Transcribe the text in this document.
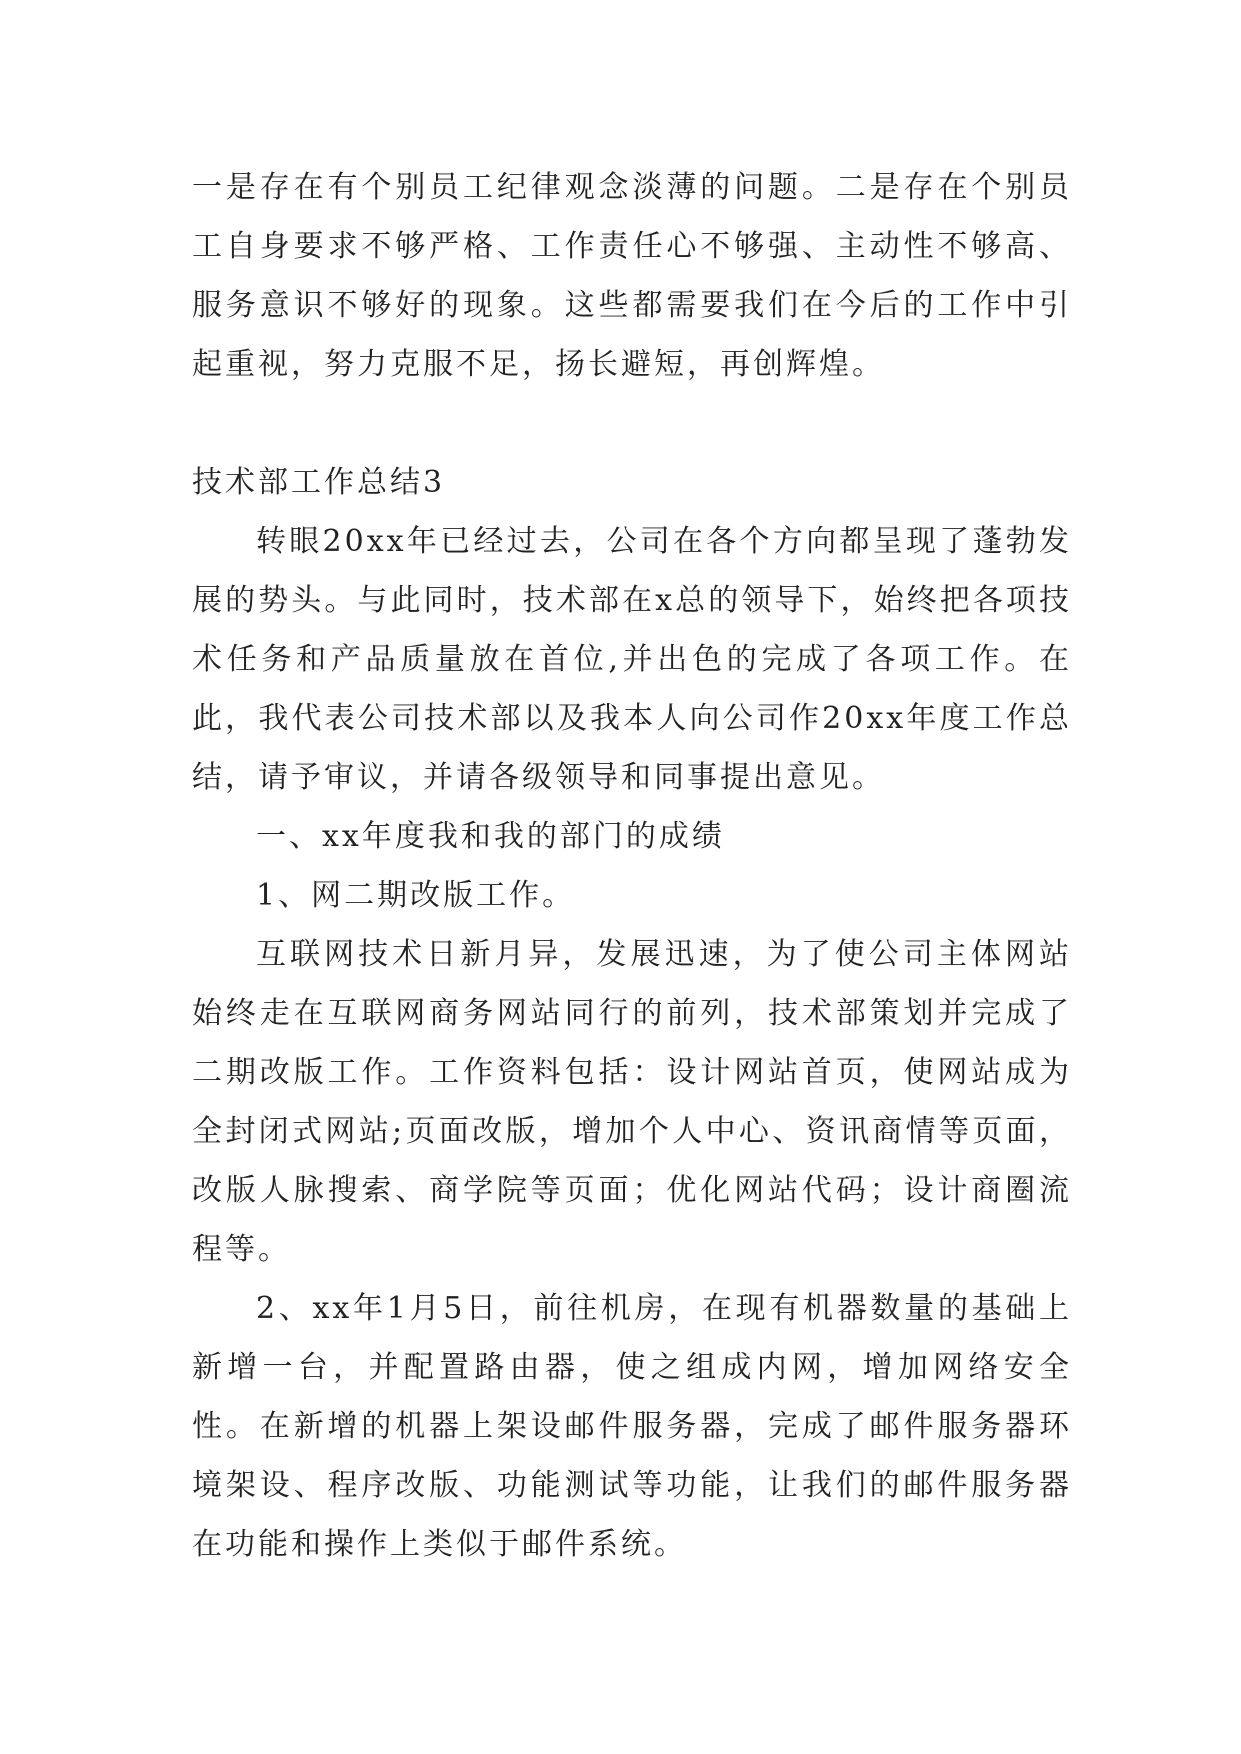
一是存在有个别员工纪律观念淡薄的问题。二是存在个别员工自身要求不够严格、工作责任心不够强、主动性不够高、服务意识不够好的现象。这些都需要我们在今后的工作中引起重视，努力克服不足，扬长避短，再创辉煌。

技术部工作总结3

转眼20xx年已经过去，公司在各个方向都呈现了蓬勃发展的势头。与此同时，技术部在x总的领导下，始终把各项技术任务和产品质量放在首位,并出色的完成了各项工作。在此，我代表公司技术部以及我本人向公司作20xx年度工作总结，请予审议，并请各级领导和同事提出意见。

一、xx年度我和我的部门的成绩

1、网二期改版工作。

互联网技术日新月异，发展迅速，为了使公司主体网站始终走在互联网商务网站同行的前列，技术部策划并完成了二期改版工作。工作资料包括：设计网站首页，使网站成为全封闭式网站;页面改版，增加个人中心、资讯商情等页面，改版人脉搜索、商学院等页面；优化网站代码；设计商圈流程等。

2、xx年1月5日，前往机房，在现有机器数量的基础上新增一台，并配置路由器，使之组成内网，增加网络安全性。在新增的机器上架设邮件服务器，完成了邮件服务器环境架设、程序改版、功能测试等功能，让我们的邮件服务器在功能和操作上类似于邮件系统。
